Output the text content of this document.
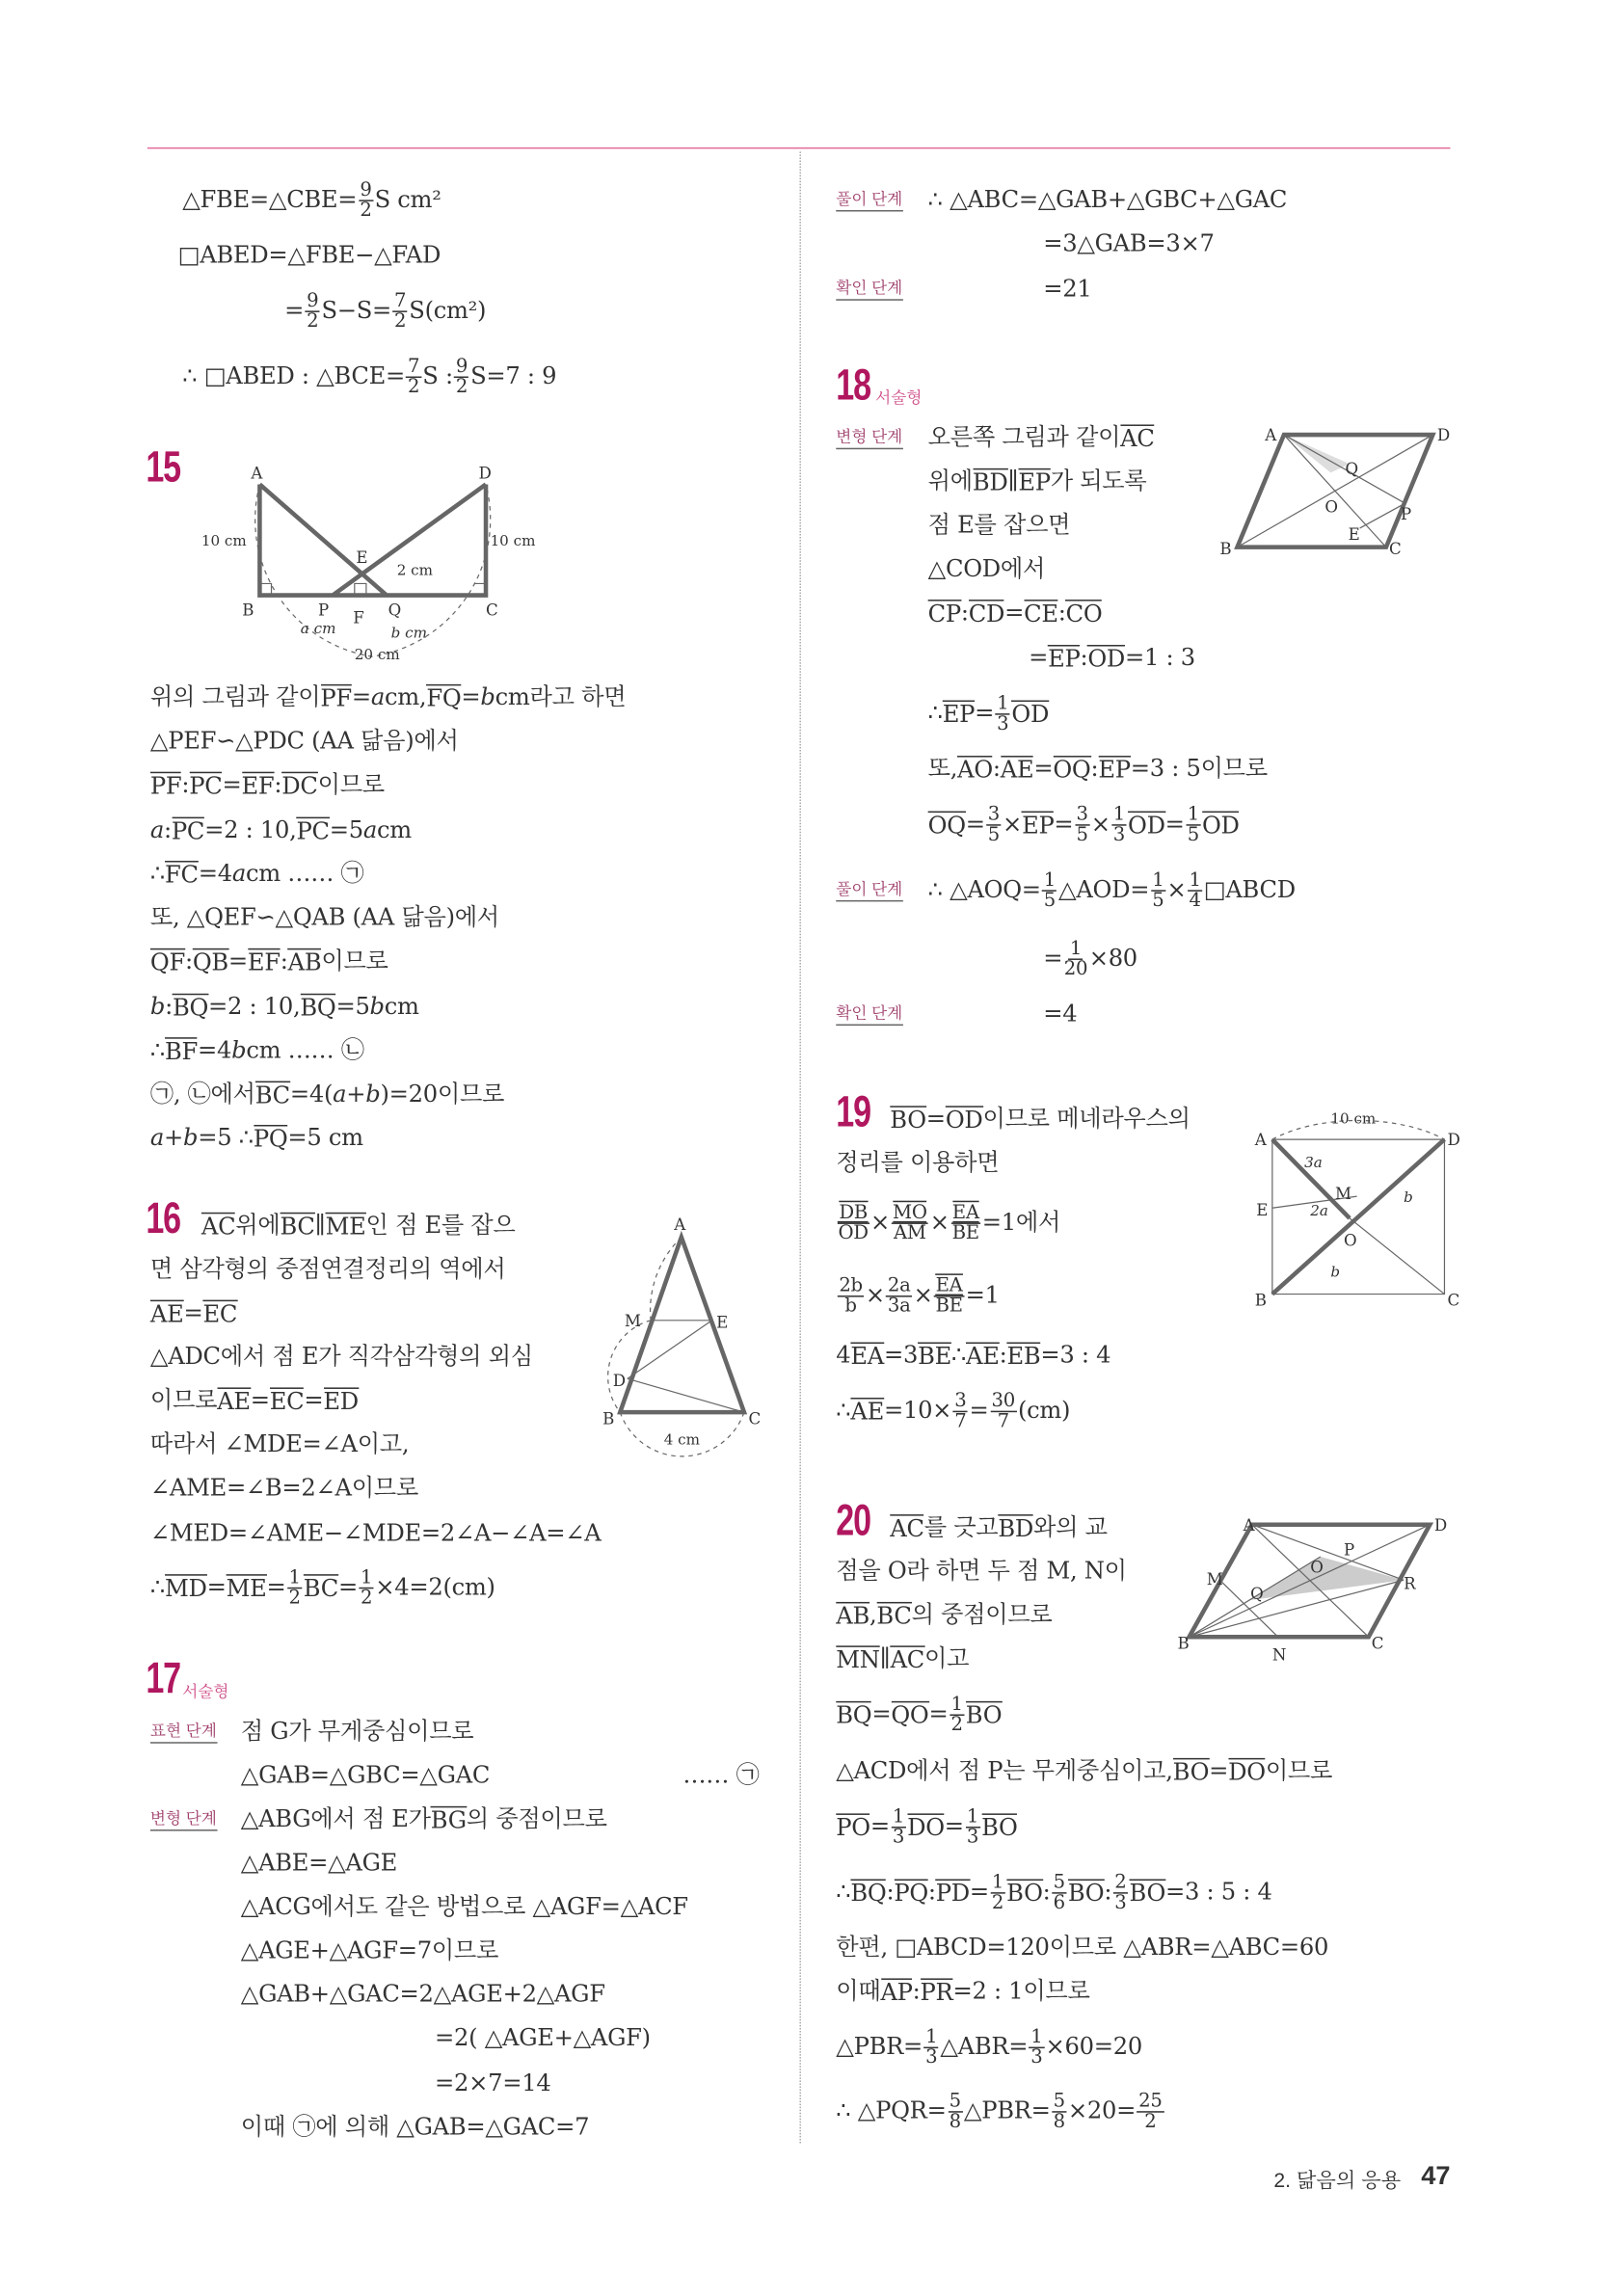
△FBE=△CBE= $\frac{9}{2}$ S cm²
□ABED=△FBE−△FAD
= $\frac{9}{2} S-S= \frac{7}{2} S(cm^2)$
∴ □ABED : △BCE= $\frac{7}{2}$ S : $\frac{9}{2} S=7$ : 9
15
위의 그림과 같이 PF = a cm, FQ = b cm라고 하면
△PEF∽△PDC (AA 닮음)에서
PF : PC = EF : DC 이므로
a : PC =2 : 10, PC =5 a cm
∴ FC =4 a cm …… ㉠
또, △QEF∽△QAB (AA 닮음)에서
QF : QB = EF : AB 이므로
b : BQ =2 : 10, BQ =5 b cm
∴ BF =4 b cm …… ㉡
㉠, ㉡에서 BC =4( a + b )=20이므로
a + b =5 ∴ PQ =5 cm
16 AC 위에 BC ∥ ME 인 점 E를 잡으
면 삼각형의 중점연결정리의 역에서
AE = EC
△ADC에서 점 E가 직각삼각형의 외심
이므로 AE = EC = ED
따라서 ∠MDE=∠A이고,
∠AME=∠B=2∠A이므로
∠MED=∠AME−∠MDE=2∠A−∠A=∠A
∴ MD = ME = $\frac{1}{2}$ BC = $\frac{1}{2} \times 4=2(cm)$
17 서술형
표현 단계
변형 단계
점 G가 무게중심이므로
△GAB=△GBC=△GAC	…… ㉠
△ABG에서 점 E가 BG 의 중점이므로
△ABE=△AGE
△ACG에서도 같은 방법으로 △AGF=△ACF
△AGE+△AGF=7이므로
△GAB+△GAC=2△AGE+2△AGF
=2( △AGE+△AGF)
=2×7=14
이때 ㉠에 의해 △GAB=△GAC=7
풀이 단계
확인 단계
∴ △ABC=△GAB+△GBC+△GAC
=3△GAB=3×7
=21
18 서술형
변형 단계
풀이 단계
확인 단계
오른쪽 그림과 같이 AC
위에 BD ∥ EP 가 되도록
점 E를 잡으면
△COD에서
CP : CD = CE : CO
= EP : OD =1 : 3
∴ EP = $\frac{1}{3}$ OD
또, AO : AE = OQ : EP =3 : 5이므로
OQ = $\frac{3}{5}$ × EP = $\frac{3}{5} \times \frac{1}{3}$ OD = $\frac{1}{5}$ OD
∴ △AOQ= $\frac{1}{5}$ △AOD= $\frac{1}{5} \times \frac{1}{4}$ □ABCD
= $\frac{1}{20} \times 80$
=4
19 BO = OD 이므로 메네라우스의
정리를 이용하면
$\frac{DB}{OD} \times \frac{MO}{AM} \times \frac{EA}{BE} =1$에서
$\frac{2b}{b} \times \frac{2a}{3a} \times \frac{EA}{BE} =1$
4 EA =3 BE ∴ AE : EB =3 : 4
∴ AE $=10\times \frac{3}{7} = \frac{30}{7} (cm)$
20 AC 를 긋고 BD 와의 교
점을 O라 하면 두 점 M, N이
AB , BC 의 중점이므로
MN ∥ AC 이고
BQ = QO = $\frac{1}{2}$ BO
△ACD에서 점 P는 무게중심이고, BO = DO 이므로
PO = $\frac{1}{3}$ DO = $\frac{1}{3}$ BO
∴ BQ : PQ : PD = $\frac{1}{2}$ BO : $\frac{5}{6}$ BO : $\frac{2}{3}$ BO =3 : 5 : 4
한편, □ABCD=120이므로 △ABR=△ABC=60
이때 AP : PR =2 : 1이므로
△PBR= $\frac{1}{3}$ △ABR= $\frac{1}{3} \times 60=20$
∴ △PQR= $\frac{5}{8}$ △PBR= $\frac{5}{8} \times 20= \frac{25}{2}$
2. 닮음의 응용 47
A	D
B	C
E
F
P	Q
10 cm	10 cm
2 cm
a cm	b cm
20 cm
A
M	E
D
B	C
4 cm
A	D
B	C
O
Q
E
P
A	D
B	C
E
M
O
10 cm
3a
2a
b
b
A	D
B	C
M
N
O
P
Q
R
